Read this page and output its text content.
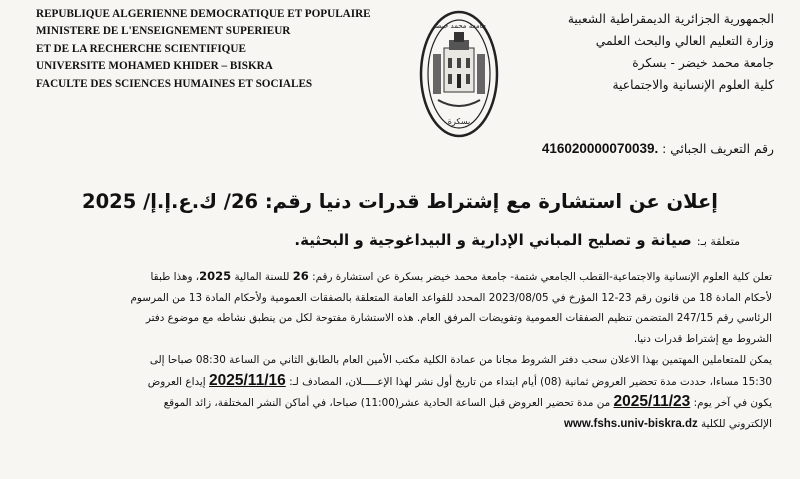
REPUBLIQUE ALGERIENNE DEMOCRATIQUE ET POPULAIRE
MINISTERE DE L'ENSEIGNEMENT SUPERIEUR
ET DE LA RECHERCHE SCIENTIFIQUE
UNIVERSITE MOHAMED KHIDER – BISKRA
FACULTE DES SCIENCES HUMAINES ET SOCIALES
جامعة محمد خيضر
بسكرة
الجمهورية الجزائرية الديمقراطية الشعبية
وزارة التعليم العالي والبحث العلمي
جامعة محمد خيضر - بسكرة
كلية العلوم الإنسانية والاجتماعية
رقم التعريف الجبائي : 416020000070039.
إعلان عن استشارة مع إشتراط قدرات دنيا رقم: 26/ ك.ع.إ.إ/ 2025
متعلقة بـ: صيانة و تصليح المباني الإدارية و البيداغوجية و البحثية.
تعلن كلية العلوم الإنسانية والاجتماعية-القطب الجامعي شتمة- جامعة محمد خيضر بسكرة عن استشارة رقم: 26 للسنة المالية 2025، وهذا طبقا
لأحكام المادة 18 من قانون رقم 23-12 المؤرخ في 2023/08/05 المحدد للقواعد العامة المتعلقة بالصفقات العمومية ولأحكام المادة 13 من المرسوم
الرئاسي رقم 247/15 المتضمن تنظيم الصفقات العمومية وتفويضات المرفق العام. هذه الاستشارة مفتوحة لكل من ينطبق نشاطه مع موضوع دفتر
الشروط مع إشتراط قدرات دنيا.
يمكن للمتعاملين المهتمين بهذا الاعلان سحب دفتر الشروط مجانا من عمادة الكلية مكتب الأمين العام بالطابق الثاني من الساعة 08:30 صباحا إلى
15:30 مساءا، حددت مدة تحضير العروض ثمانية (08) أيام ابتداء من تاريخ أول نشر لهذا الإعـــــلان، المصادف لـ: 2025/11/16 إيداع العروض
يكون في آخر يوم: 2025/11/23 من مدة تحضير العروض قبل الساعة الحادية عشر(11:00) صباحا، في أماكن النشر المختلفة، زائد الموقع
الإلكتروني للكلية www.fshs.univ-biskra.dz
